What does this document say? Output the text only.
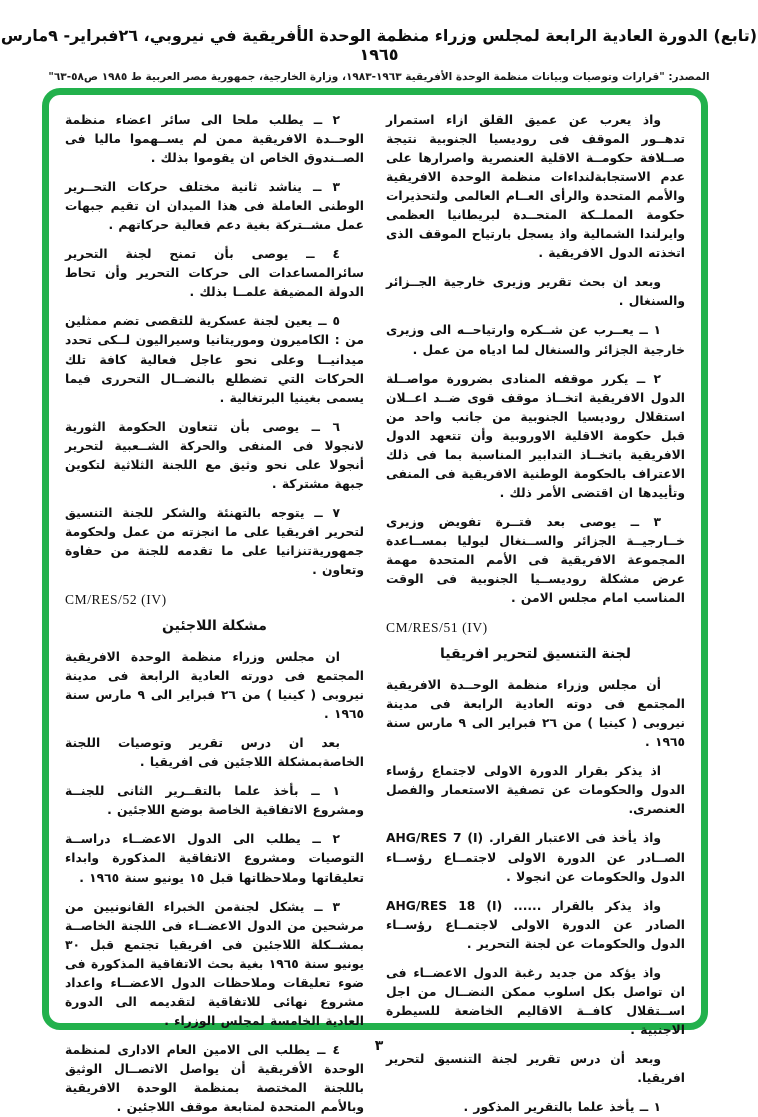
(تابع) الدورة العادية الرابعة لمجلس وزراء منظمة الوحدة الأفريقية في نيروبي، ٢٦فبراير- ٩مارس ١٩٦٥
المصدر: "قرارات وتوصيات وبيانات منظمة الوحدة الأفريقية ١٩٦٣-١٩٨٣، وزارة الخارجية، جمهورية مصر العربية ط ١٩٨٥ ص٥٨-٦٣"
واذ يعرب عن عميق القلق ازاء استمرار تدهــور الموقف فى روديسيا الجنوبية نتيجة صــلافة حكومــة الاقلية العنصرية واصرارها على عدم الاستجابةلنداءات منظمة الوحدة الافريقية والأمم المتحدة والرأى العــام العالمى ولتحذيرات حكومة المملــكة المتحــدة لبريطانيا العظمى وايرلندا الشمالية واذ يسجل بارتياح الموقف الذى اتخذته الدول الافريقية .
وبعد ان بحث تقرير وزيرى خارجية الجــزائر والسنغال .
١ ــ يعــرب عن شــكره وارتياحــه الى وزيرى خارجية الجزائر والسنغال لما ادياه من عمل .
٢ ــ يكرر موقفه المنادى بضرورة مواصــلة الدول الافريقية اتخــاذ موقف قوى ضــد اعــلان استقلال روديسيا الجنوبية من جانب واحد من قبل حكومة الاقلية الاوروبية وأن تتعهد الدول الافريقية باتخــاذ التدابير المناسبة بما فى ذلك الاعتراف بالحكومة الوطنية الافريقية فى المنفى وتأييدها ان اقتضى الأمر ذلك .
٣ ــ يوصى بعد فتــرة تفويض وزيرى خــارجيــة الجزائر والســنغال ليوليا بمســاعدة المجموعة الافريقية فى الأمم المتحدة مهمة عرض مشكلة روديســيا الجنوبية فى الوقت المناسب امام مجلس الامن .
CM/RES/51 (IV)
لجنة التنسيق لتحرير افريقيا
أن مجلس وزراء منظمة الوحــدة الافريقية المجتمع فى دوته العادية الرابعة فى مدينة نيروبى ( كينيا ) من ٢٦ فبراير الى ٩ مارس سنة ١٩٦٥ .
اذ يذكر بقرار الدورة الاولى لاجتماع رؤساء الدول والحكومات عن تصفية الاستعمار والفصل العنصرى.
واذ يأخذ فى الاعتبار القرار. AHG/RES 7 (I) الصــادر عن الدورة الاولى لاجتمــاع رؤســاء الدول والحكومات عن انجولا .
واذ يذكر بالقرار ...... AHG/RES 18 (I) الصادر عن الدورة الاولى لاجتمــاع رؤســاء الدول والحكومات عن لجنة التحرير .
واذ يؤكد من جديد رغبة الدول الاعضــاء فى ان تواصل بكل اسلوب ممكن النضــال من اجل اســتقلال كافــة الاقاليم الخاضعة للسيطرة الاجنبية .
وبعد أن درس تقرير لجنة التنسيق لتحرير افريقيا.
١ ــ يأخذ علما بالتقرير المذكور .
٢ ــ يطلب ملحا الى سائر اعضاء منظمة الوحــدة الافريقية ممن لم يســهموا ماليا فى الصــندوق الخاص ان يقوموا بذلك .
٣ ــ يناشد ثانية مختلف حركات التحــرير الوطنى العاملة فى هذا الميدان ان تقيم جبهات عمل مشــتركة بغية دعم فعالية حركاتهم .
٤ ــ يوصى بأن تمنح لجنة التحرير سائرالمساعدات الى حركات التحرير وأن تحاط الدولة المضيفة علمــا بذلك .
٥ ــ يعين لجنة عسكرية للتقصى تضم ممثلين من : الكاميرون وموريتانيا وسيراليون لــكى تحدد ميدانيــا وعلى نحو عاجل فعالية كافة تلك الحركات التي تضطلع بالنضــال التحررى فيما يسمى بغينيا البرتغالية .
٦ ــ يوصى بأن تتعاون الحكومة الثورية لانجولا فى المنفى والحركة الشــعبية لتحرير أنجولا على نحو وثيق مع اللجنة الثلاثية لتكوين جبهة مشتركة .
٧ ــ يتوجه بالتهنئة والشكر للجنة التنسيق لتحرير افريقيا على ما انجزته من عمل ولحكومة جمهوريةتنزانيا على ما تقدمه للجنة من حفاوة وتعاون .
CM/RES/52 (IV)
مشكلة اللاجئين
ان مجلس وزراء منظمة الوحدة الافريقية المجتمع فى دورته العادية الرابعة فى مدينة نيروبى ( كينيا ) من ٢٦ فبراير الى ٩ مارس سنة ١٩٦٥ .
بعد ان درس تقرير وتوصيات اللجنة الخاصةبمشكلة اللاجئين فى افريقيا .
١ ــ بأخذ علما بالتقــرير الثانى للجنــة ومشروع الاتفاقية الخاصة بوضع اللاجئين .
٢ ــ يطلب الى الدول الاعضــاء دراســة التوصيات ومشروع الاتفاقية المذكورة وابداء تعليقاتها وملاحظاتها قبل ١٥ يونيو سنة ١٩٦٥ .
٣ ــ يشكل لجنةمن الخبراء القانونيين من مرشحين من الدول الاعضــاء فى اللجنة الخاصــة بمشــكلة اللاجئين فى افريقيا تجتمع قبل ٣٠ يونيو سنة ١٩٦٥ بغية بحث الاتفاقية المذكورة فى ضوء تعليقات وملاحظات الدول الاعضــاء واعداد مشروع نهائى للاتفاقية لتقديمه الى الدورة العادية الخامسة لمجلس الوزراء .
٤ ــ يطلب الى الامين العام الادارى لمنظمة الوحدة الأفريقية أن يواصل الاتصــال الوثيق باللجنة المختصة بمنظمة الوحدة الافريقية وبالأمم المتحدة لمتابعة موقف اللاجئين .
٣
